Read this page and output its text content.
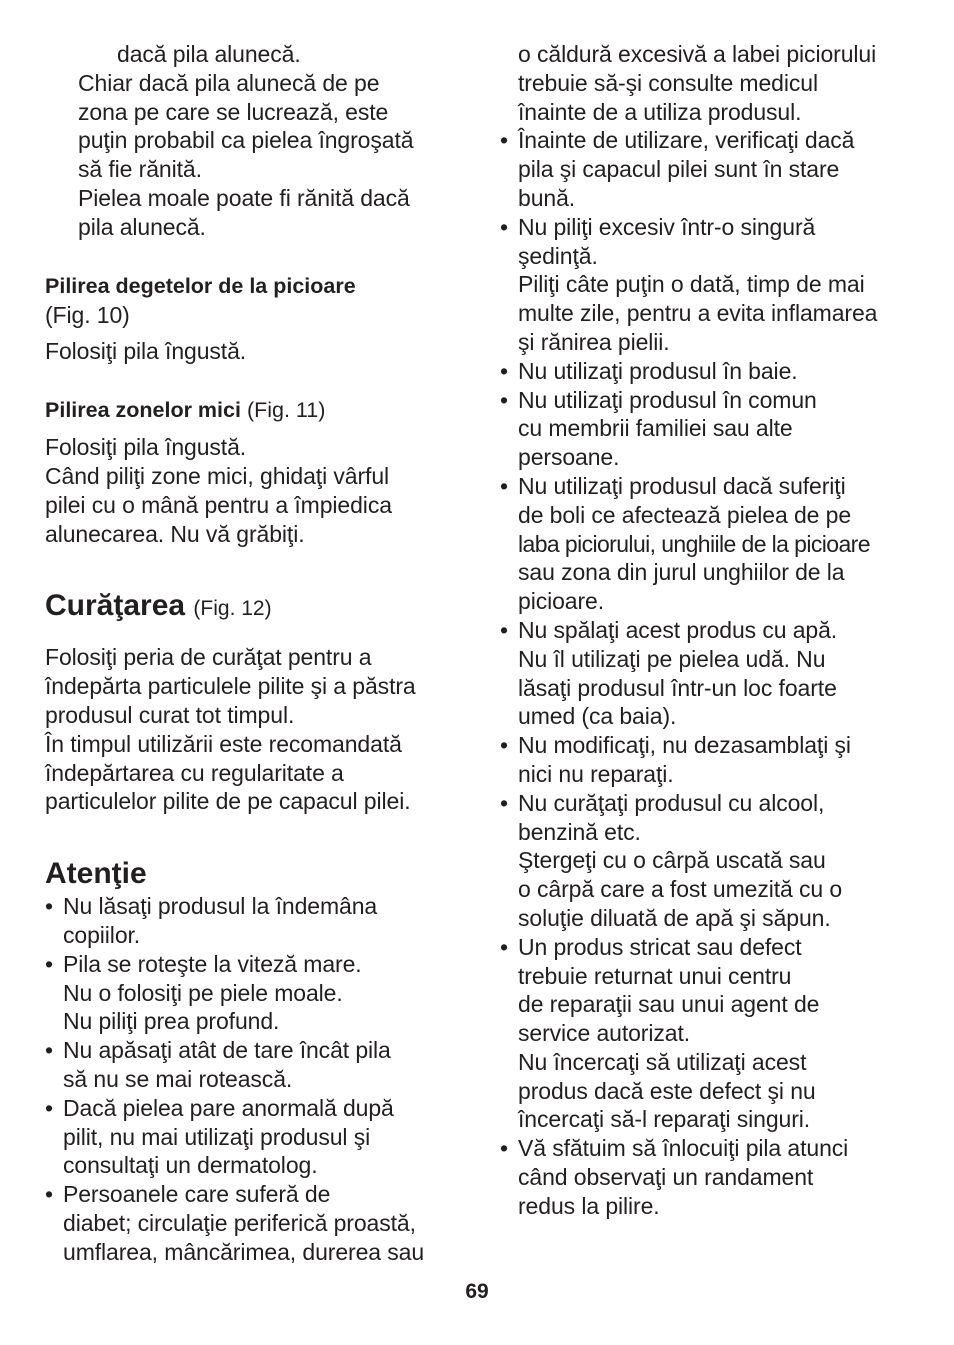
dacă pila alunecă.

Chiar dacă pila alunecă de pe

zona pe care se lucrează, este

puţin probabil ca pielea îngroşată

să fie rănită.

Pielea moale poate fi rănită dacă

pila alunecă.

Pilirea degetelor de la picioare

(Fig. 10)

Folosiţi pila îngustă.

Pilirea zonelor mici (Fig. 11)

Folosiţi pila îngustă.

Când piliţi zone mici, ghidaţi vârful

pilei cu o mână pentru a împiedica

alunecarea. Nu vă grăbiţi.

Curăţarea (Fig. 12)

Folosiţi peria de curăţat pentru a

îndepărta particulele pilite şi a păstra

produsul curat tot timpul.

În timpul utilizării este recomandată

îndepărtarea cu regularitate a

particulelor pilite de pe capacul pilei.

Atenţie
• Nu lăsaţi produsul la îndemâna

copiilor.

• Pila se roteşte la viteză mare.

Nu o folosiţi pe piele moale.

Nu piliţi prea profund.

• Nu apăsaţi atât de tare încât pila

să nu se mai rotească.

• Dacă pielea pare anormală după

pilit, nu mai utilizaţi produsul şi

consultaţi un dermatolog.

• Persoanele care suferă de

diabet; circulaţie periferică proastă,

umflarea, mâncărimea, durerea sau

o căldură excesivă a labei piciorului

trebuie să-şi consulte medicul

înainte de a utiliza produsul.

• Înainte de utilizare, verificaţi dacă

pila şi capacul pilei sunt în stare

bună.

• Nu piliţi excesiv într-o singură

şedinţă.

Piliţi câte puţin o dată, timp de mai

multe zile, pentru a evita inflamarea

şi rănirea pielii.

• Nu utilizaţi produsul în baie.

• Nu utilizaţi produsul în comun

cu membrii familiei sau alte

persoane.

• Nu utilizaţi produsul dacă suferiţi

de boli ce afectează pielea de pe

laba piciorului, unghiile de la picioare

sau zona din jurul unghiilor de la

picioare.

• Nu spălaţi acest produs cu apă.

Nu îl utilizaţi pe pielea udă. Nu

lăsaţi produsul într-un loc foarte

umed (ca baia).

• Nu modificaţi, nu dezasamblaţi şi

nici nu reparaţi.

• Nu curăţaţi produsul cu alcool,

benzină etc.

Ştergeţi cu o cârpă uscată sau

o cârpă care a fost umezită cu o

soluţie diluată de apă şi săpun.

• Un produs stricat sau defect

trebuie returnat unui centru

de reparaţii sau unui agent de

service autorizat.

Nu încercaţi să utilizaţi acest

produs dacă este defect şi nu

încercaţi să-l reparaţi singuri.

• Vă sfătuim să înlocuiţi pila atunci

când observaţi un randament

redus la pilire.

69
